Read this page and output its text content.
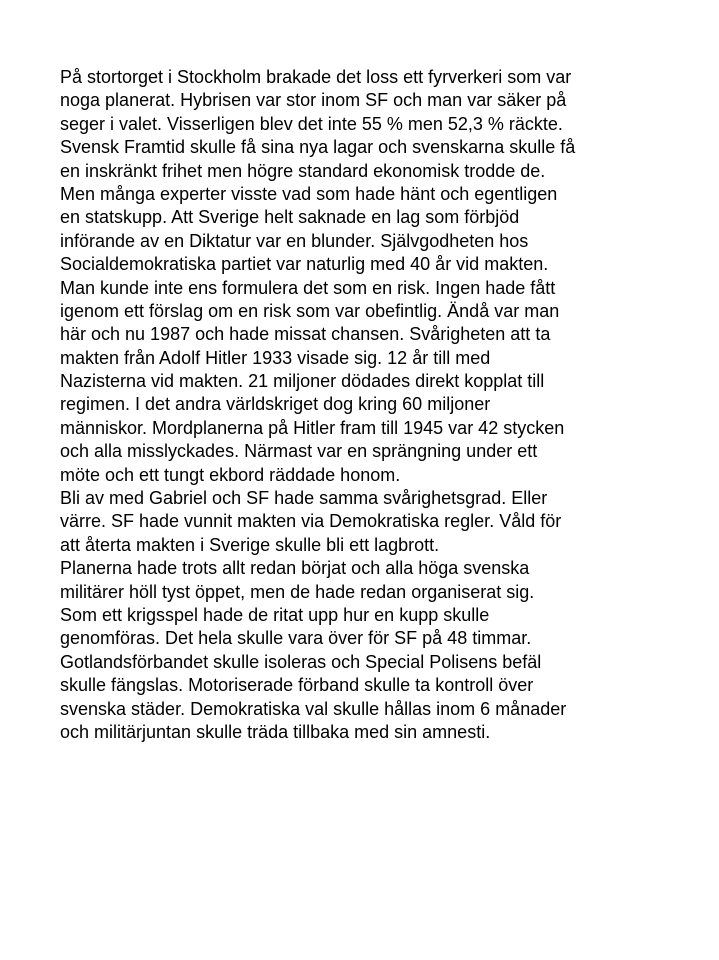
På stortorget i Stockholm brakade det loss ett fyrverkeri som var
noga planerat. Hybrisen var stor inom SF och man var säker på
seger i valet. Visserligen blev det inte 55 % men 52,3 % räckte.
Svensk Framtid skulle få sina nya lagar och svenskarna skulle få
en inskränkt frihet men högre standard ekonomisk trodde de.
Men många experter visste vad som hade hänt och egentligen
en statskupp. Att Sverige helt saknade en lag som förbjöd
införande av en Diktatur var en blunder. Självgodheten hos
Socialdemokratiska partiet var naturlig med 40 år vid makten.
Man kunde inte ens formulera det som en risk. Ingen hade fått
igenom ett förslag om en risk som var obefintlig. Ändå var man
här och nu 1987 och hade missat chansen. Svårigheten att ta
makten från Adolf Hitler 1933 visade sig. 12 år till med
Nazisterna vid makten. 21 miljoner dödades direkt kopplat till
regimen. I det andra världskriget dog kring 60 miljoner
människor. Mordplanerna på Hitler fram till 1945 var 42 stycken
och alla misslyckades. Närmast var en sprängning under ett
möte och ett tungt ekbord räddade honom.
Bli av med Gabriel och SF hade samma svårighetsgrad. Eller
värre. SF hade vunnit makten via Demokratiska regler. Våld för
att återta makten i Sverige skulle bli ett lagbrott.
Planerna hade trots allt redan börjat och alla höga svenska
militärer höll tyst öppet, men de hade redan organiserat sig.
Som ett krigsspel hade de ritat upp hur en kupp skulle
genomföras. Det hela skulle vara över för SF på 48 timmar.
Gotlandsförbandet skulle isoleras och Special Polisens befäl
skulle fängslas. Motoriserade förband skulle ta kontroll över
svenska städer. Demokratiska val skulle hållas inom 6 månader
och militärjuntan skulle träda tillbaka med sin amnesti.
